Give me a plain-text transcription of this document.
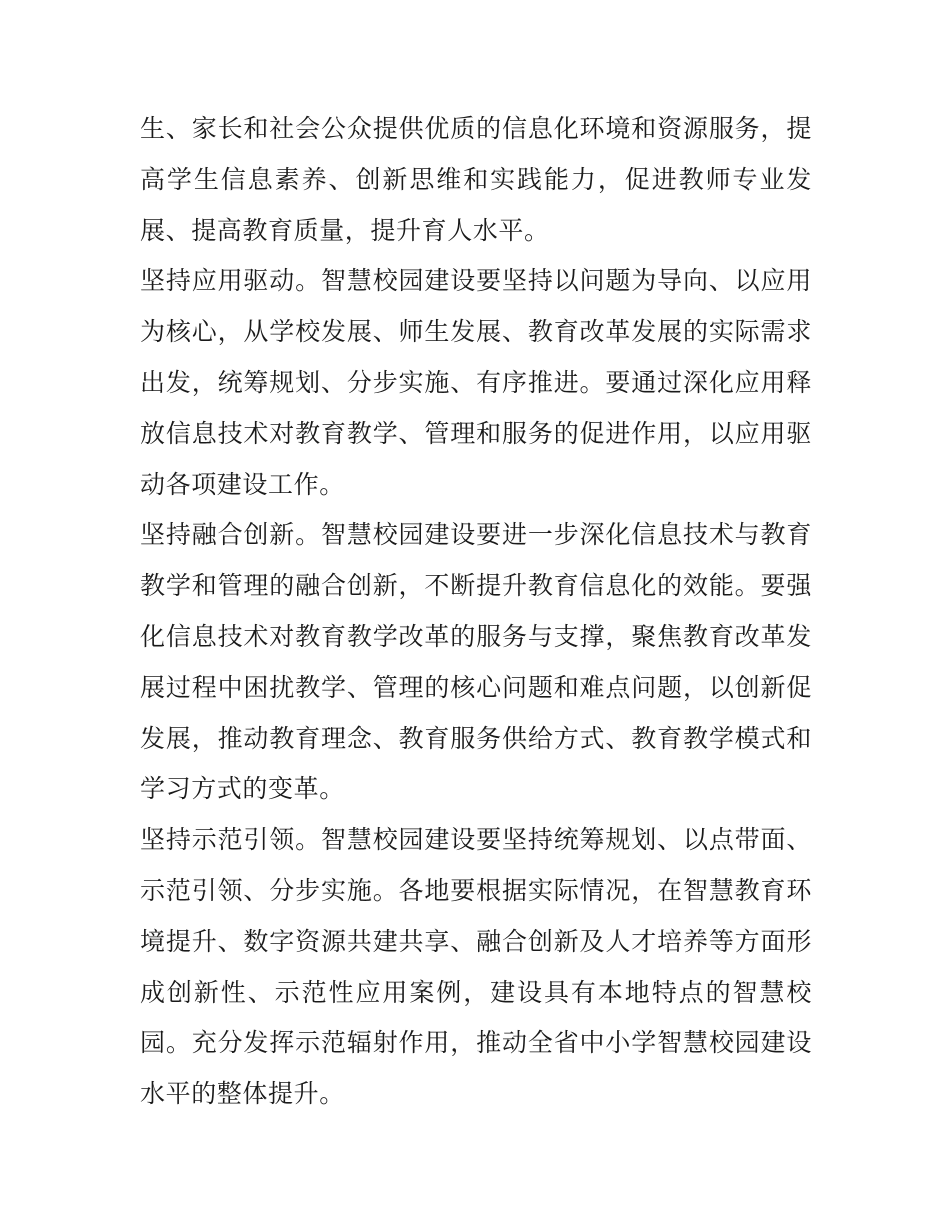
生、家长和社会公众提供优质的信息化环境和资源服务，提高学生信息素养、创新思维和实践能力，促进教师专业发展、提高教育质量，提升育人水平。

坚持应用驱动。智慧校园建设要坚持以问题为导向、以应用为核心，从学校发展、师生发展、教育改革发展的实际需求出发，统筹规划、分步实施、有序推进。要通过深化应用释放信息技术对教育教学、管理和服务的促进作用，以应用驱动各项建设工作。

坚持融合创新。智慧校园建设要进一步深化信息技术与教育教学和管理的融合创新，不断提升教育信息化的效能。要强化信息技术对教育教学改革的服务与支撑，聚焦教育改革发展过程中困扰教学、管理的核心问题和难点问题，以创新促发展，推动教育理念、教育服务供给方式、教育教学模式和学习方式的变革。

坚持示范引领。智慧校园建设要坚持统筹规划、以点带面、示范引领、分步实施。各地要根据实际情况，在智慧教育环境提升、数字资源共建共享、融合创新及人才培养等方面形成创新性、示范性应用案例，建设具有本地特点的智慧校园。充分发挥示范辐射作用，推动全省中小学智慧校园建设水平的整体提升。
